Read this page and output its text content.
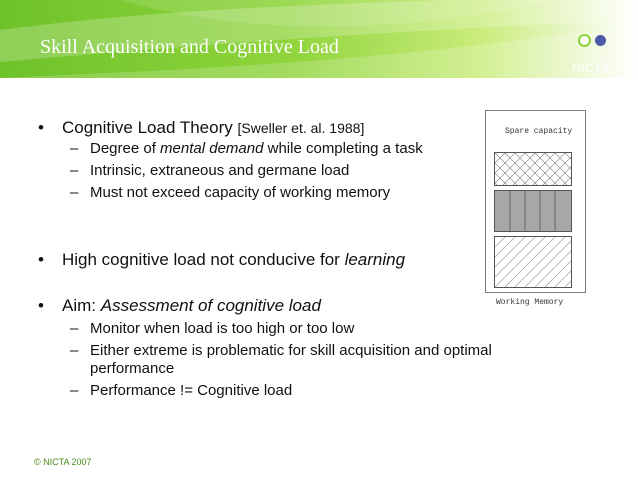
Skill Acquisition and Cognitive Load
NICTA
• Cognitive Load Theory [Sweller et. al. 1988]
– Degree of mental demand while completing a task
– Intrinsic, extraneous and germane load
– Must not exceed capacity of working memory
• High cognitive load not conducive for learning
• Aim: Assessment of cognitive load
– Monitor when load is too high or too low
– Either extreme is problematic for skill acquisition and optimal
performance
– Performance != Cognitive load
Spare capacity
Working Memory
© NICTA 2007
